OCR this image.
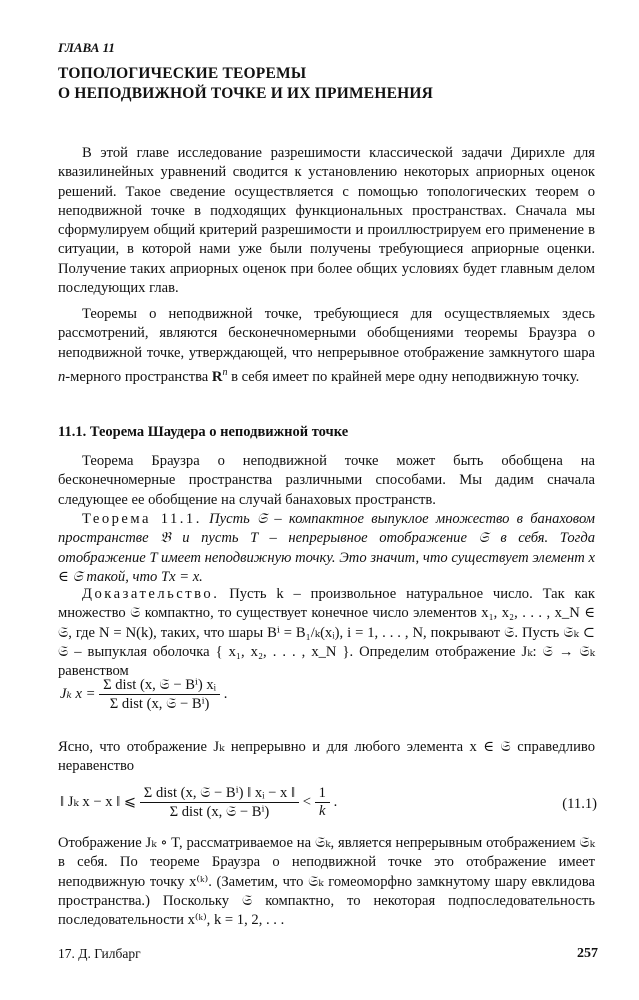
ГЛАВА 11
ТОПОЛОГИЧЕСКИЕ ТЕОРЕМЫ
О НЕПОДВИЖНОЙ ТОЧКЕ И ИХ ПРИМЕНЕНИЯ
В этой главе исследование разрешимости классической задачи Дирихле для квазилинейных уравнений сводится к установлению некоторых априорных оценок решений. Такое сведение осуществляется с помощью топологических теорем о неподвижной точке в подходящих функциональных пространствах. Сначала мы сформулируем общий критерий разрешимости и проиллюстрируем его применение в ситуации, в которой нами уже были получены требующиеся априорные оценки. Получение таких априорных оценок при более общих условиях будет главным делом последующих глав.
Теоремы о неподвижной точке, требующиеся для осуществляемых здесь рассмотрений, являются бесконечномерными обобщениями теоремы Браузра о неподвижной точке, утверждающей, что непрерывное отображение замкнутого шара n-мерного пространства $R^n$ в себя имеет по крайней мере одну неподвижную точку.
11.1. Теорема Шаудера о неподвижной точке
Теорема Браузра о неподвижной точке может быть обобщена на бесконечномерные пространства различными способами. Мы дадим сначала следующее ее обобщение на случай банаховых пространств.
Теорема 11.1. Пусть 𝔖 – компактное выпуклое множество в банаховом пространстве 𝔅 и пусть T – непрерывное отображение 𝔖 в себя. Тогда отображение T имеет неподвижную точку. Это значит, что существует элемент x ∈ 𝔖 такой, что Tx = x.
Доказательство. Пусть k – произвольное натуральное число. Так как множество 𝔖 компактно, то существует конечное число элементов x₁, x₂, . . . , x_N ∈ 𝔖, где N = N(k), таких, что шары Bⁱ = B₁/ₖ(xᵢ), i = 1, . . . , N, покрывают 𝔖. Пусть 𝔖ₖ ⊂ 𝔖 – выпуклая оболочка { x₁, x₂, . . . , x_N }. Определим отображение Jₖ: 𝔖 → 𝔖ₖ равенством
Jₖ $x = \frac{\text{Σ dist (x, 𝔖 − Bⁱ) xᵢ}}{\text{Σ dist (x, 𝔖 − Bⁱ)}}$ .
Ясно, что отображение Jₖ непрерывно и для любого элемента x ∈ 𝔖 справедливо неравенство
‖ Jₖ x − x ‖ ⩽ $\frac{\text{Σ dist (x, 𝔖 − Bⁱ) ‖ xᵢ − x ‖}}{\text{Σ dist (x, 𝔖 − Bⁱ)}} < \frac{1}{k}$ .	(11.1)
Отображение Jₖ ∘ T, рассматриваемое на 𝔖ₖ, является непрерывным отображением 𝔖ₖ в себя. По теореме Браузра о неподвижной точке это отображение имеет неподвижную точку x⁽ᵏ⁾. (Заметим, что 𝔖ₖ гомеоморфно замкнутому шару евклидова пространства.) Поскольку 𝔖 компактно, то некоторая подпоследовательность последовательности x⁽ᵏ⁾, k = 1, 2, . . .
17. Д. Гилбарг	257
